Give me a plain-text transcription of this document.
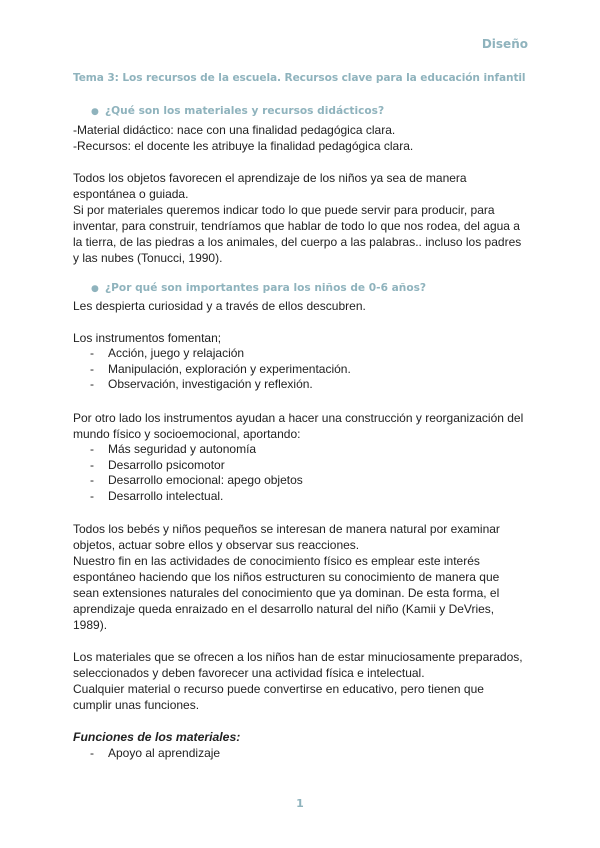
Diseño
Tema 3: Los recursos de la escuela. Recursos clave para la educación infantil
● ¿Qué son los materiales y recursos didácticos?
-Material didáctico: nace con una finalidad pedagógica clara.
-Recursos: el docente les atribuye la finalidad pedagógica clara.
Todos los objetos favorecen el aprendizaje de los niños ya sea de manera
espontánea o guiada.
Si por materiales queremos indicar todo lo que puede servir para producir, para
inventar, para construir, tendríamos que hablar de todo lo que nos rodea, del agua a
la tierra, de las piedras a los animales, del cuerpo a las palabras.. incluso los padres
y las nubes (Tonucci, 1990).
● ¿Por qué son importantes para los niños de 0-6 años?
Les despierta curiosidad y a través de ellos descubren.
Los instrumentos fomentan;
- Acción, juego y relajación
- Manipulación, exploración y experimentación.
- Observación, investigación y reflexión.
Por otro lado los instrumentos ayudan a hacer una construcción y reorganización del
mundo físico y socioemocional, aportando:
- Más seguridad y autonomía
- Desarrollo psicomotor
- Desarrollo emocional: apego objetos
- Desarrollo intelectual.
Todos los bebés y niños pequeños se interesan de manera natural por examinar
objetos, actuar sobre ellos y observar sus reacciones.
Nuestro fin en las actividades de conocimiento físico es emplear este interés
espontáneo haciendo que los niños estructuren su conocimiento de manera que
sean extensiones naturales del conocimiento que ya dominan. De esta forma, el
aprendizaje queda enraizado en el desarrollo natural del niño (Kamii y DeVries,
1989).
Los materiales que se ofrecen a los niños han de estar minuciosamente preparados,
seleccionados y deben favorecer una actividad física e intelectual.
Cualquier material o recurso puede convertirse en educativo, pero tienen que
cumplir unas funciones.
Funciones de los materiales:
- Apoyo al aprendizaje
1
